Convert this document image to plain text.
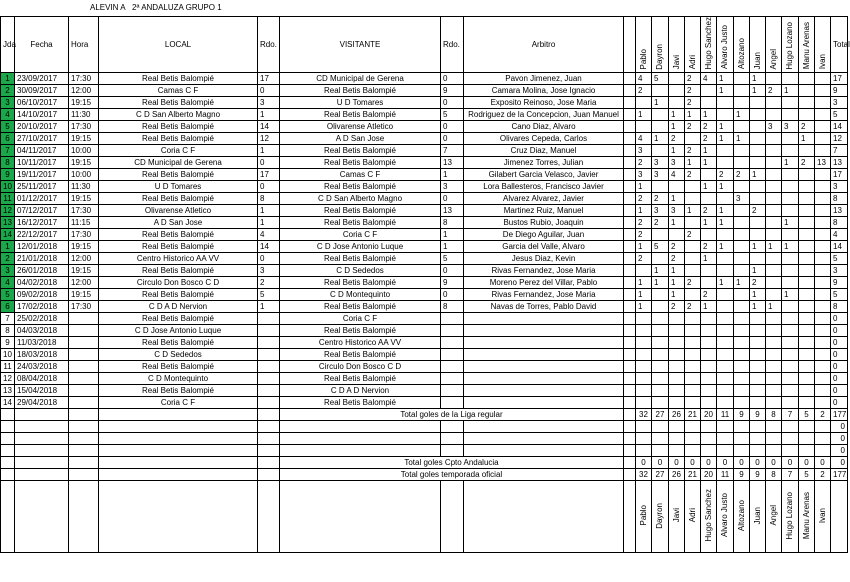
ALEVIN A 2ª ANDALUZA GRUPO 1
Jda	Fecha	Hora	LOCAL	Rdo.	VISITANTE	Rdo.	Arbitro		Pablo	Dayron	Javi	Adri	Hugo Sanchez	Alvaro Justo	Altozano	Juan	Angel	Hugo Lozano	Manu Arenas	Ivan	Total
1	23/09/2017	17:30	Real Betis Balompié	17	CD Municipal de Gerena	0	Pavon Jimenez, Juan		4	5		2	4	1		1					17
2	30/09/2017	12:00	Camas C F	0	Real Betis Balompié	9	Camara Molina, Jose Ignacio		2			2		1		1	2	1			9
3	06/10/2017	19:15	Real Betis Balompié	3	U D Tomares	0	Exposito Reinoso, Jose Maria			1		2									3
4	14/10/2017	11:30	C D San Alberto Magno	1	Real Betis Balompié	5	Rodriguez de la Concepcion, Juan Manuel		1		1	1	1		1						5
5	20/10/2017	17:30	Real Betis Balompié	14	Olivarense Atletico	0	Cano Diaz, Alvaro				1	2	2	1			3	3	2		14
6	27/10/2017	19:15	Real Betis Balompié	12	A D San Jose	0	Olivares Cepeda, Carlos		4	1	2		2	1	1				1		12
7	04/11/2017	10:00	Coria C F	1	Real Betis Balompié	7	Cruz Diaz, Manuel		3		1	2	1								7
8	10/11/2017	19:15	CD Municipal de Gerena	0	Real Betis Balompié	13	Jimenez Torres, Julian		2	3	3	1	1					1	2	13	13
9	19/11/2017	10:00	Real Betis Balompié	17	Camas C F	1	Gilabert Garcia Velasco, Javier		3	3	4	2		2	2	1					17
10	25/11/2017	11:30	U D Tomares	0	Real Betis Balompié	3	Lora Ballesteros, Francisco Javier		1				1	1							3
11	01/12/2017	19:15	Real Betis Balompié	8	C D San Alberto Magno	0	Alvarez Alvarez, Javier		2	2	1				3						8
12	07/12/2017	17:30	Olivarense Atletico	1	Real Betis Balompié	13	Martinez Ruiz, Manuel		1	3	3	1	2	1		2					13
13	16/12/2017	11:15	A D San Jose	1	Real Betis Balompié	8	Bustos Rubio, Joaquin		2	2	1		1	1				1			8
14	22/12/2017	17:30	Real Betis Balompié	4	Coria C F	1	De Diego Aguilar, Juan		2			2									4
1	12/01/2018	19:15	Real Betis Balompié	14	C D Jose Antonio Luque	1	Garcia del Valle, Alvaro		1	5	2		2	1		1	1	1			14
2	21/01/2018	12:00	Centro Historico AA VV	0	Real Betis Balompié	5	Jesus Diaz, Kevin		2		2		1								5
3	26/01/2018	19:15	Real Betis Balompié	3	C D Sededos	0	Rivas Fernandez, Jose Maria			1	1					1					3
4	04/02/2018	12:00	Circulo Don Bosco C D	2	Real Betis Balompié	9	Moreno Perez del Villar, Pablo		1	1	1	2		1	1	2					9
5	09/02/2018	19:15	Real Betis Balompié	5	C D Montequinto	0	Rivas Fernandez, Jose Maria		1		1		2			1		1			5
6	17/02/2018	17:30	C D A D Nervion	1	Real Betis Balompié	8	Navas de Torres, Pablo David		1		2	2	1			1	1				8
7	25/02/2018		Real Betis Balompié		Coria C F																0
8	04/03/2018		C D Jose Antonio Luque		Real Betis Balompié																0
9	11/03/2018		Real Betis Balompié		Centro Historico AA VV																0
10	18/03/2018		C D Sededos		Real Betis Balompié																0
11	24/03/2018		Real Betis Balompié		Circulo Don Bosco C D																0
12	08/04/2018		C D Montequinto		Real Betis Balompié																0
13	15/04/2018		Real Betis Balompié		C D A D Nervion																0
14	29/04/2018		Coria C F		Real Betis Balompié																0
					Total goles de la Liga regular				32	27	26	21	20	11	9	9	8	7	5	2	177
																					0
																					0
																					0
					Total goles Cpto Andalucia				0	0	0	0	0	0	0	0	0	0	0	0	0
					Total goles temporada oficial				32	27	26	21	20	11	9	9	8	7	5	2	177
									Pablo	Dayron	Javi	Adri	Hugo Sanchez	Alvaro Justo	Altozano	Juan	Angel	Hugo Lozano	Manu Arenas	Ivan	
